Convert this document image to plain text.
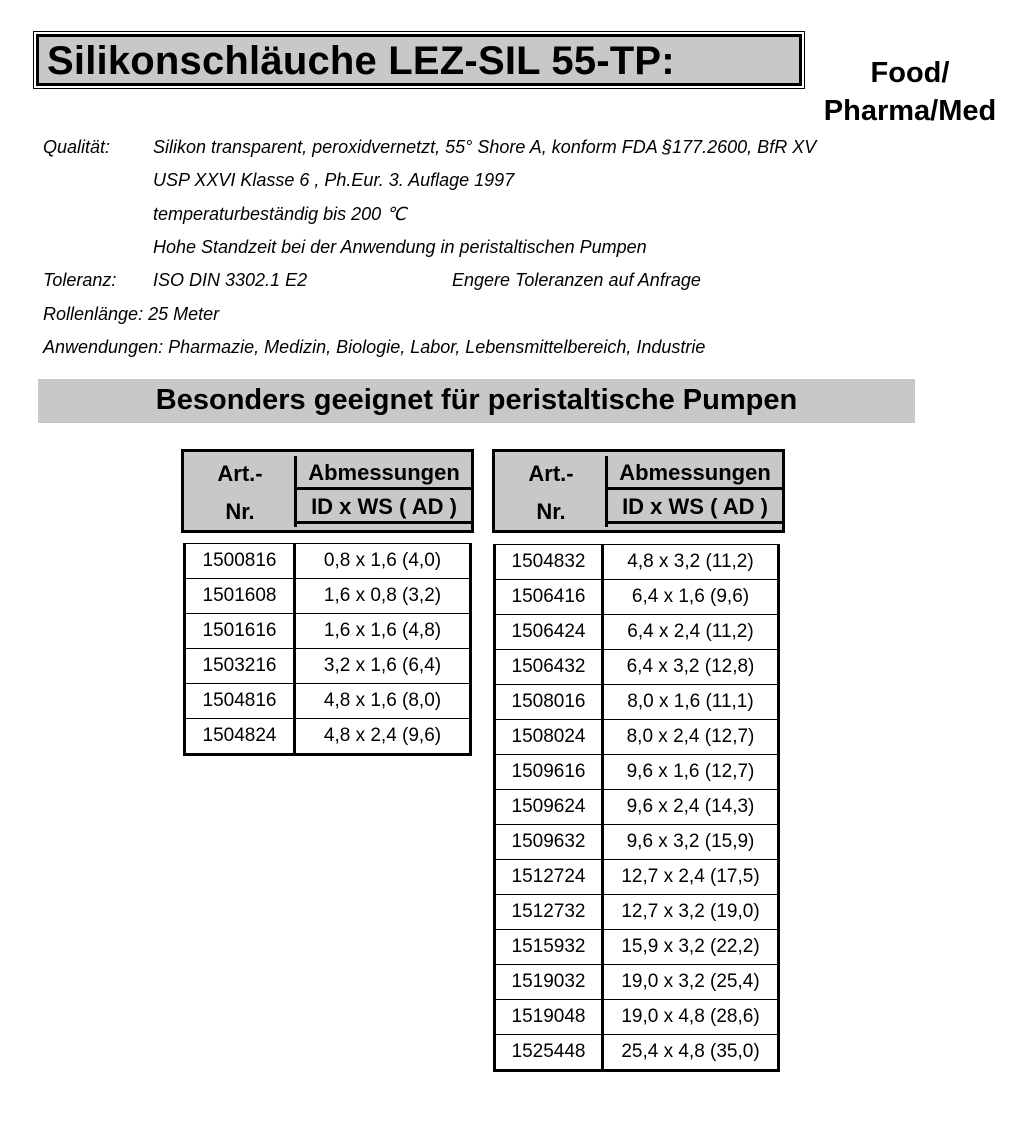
Silikonschläuche LEZ-SIL 55-TP:	Food/
Pharma/Med
Qualität: Silikon transparent, peroxidvernetzt, 55° Shore A, konform FDA §177.2600, BfR XV
USP XXVI Klasse 6 , Ph.Eur. 3. Auflage 1997
temperaturbeständig bis 200 ℃
Hohe Standzeit bei der Anwendung in peristaltischen Pumpen
Toleranz: ISO DIN 3302.1 E2	Engere Toleranzen auf Anfrage
Rollenlänge: 25 Meter
Anwendungen: Pharmazie, Medizin, Biologie, Labor, Lebensmittelbereich, Industrie
Besonders geeignet für peristaltische Pumpen
Art.-
Nr.
Abmessungen
ID x WS ( AD )
Art.-
Nr.
Abmessungen
ID x WS ( AD )
1500816	0,8 x 1,6 (4,0)
1501608	1,6 x 0,8 (3,2)
1501616	1,6 x 1,6 (4,8)
1503216	3,2 x 1,6 (6,4)
1504816	4,8 x 1,6 (8,0)
1504824	4,8 x 2,4 (9,6)
1504832	4,8 x 3,2 (11,2)
1506416	6,4 x 1,6 (9,6)
1506424	6,4 x 2,4 (11,2)
1506432	6,4 x 3,2 (12,8)
1508016	8,0 x 1,6 (11,1)
1508024	8,0 x 2,4 (12,7)
1509616	9,6 x 1,6 (12,7)
1509624	9,6 x 2,4 (14,3)
1509632	9,6 x 3,2 (15,9)
1512724	12,7 x 2,4 (17,5)
1512732	12,7 x 3,2 (19,0)
1515932	15,9 x 3,2 (22,2)
1519032	19,0 x 3,2 (25,4)
1519048	19,0 x 4,8 (28,6)
1525448	25,4 x 4,8 (35,0)
